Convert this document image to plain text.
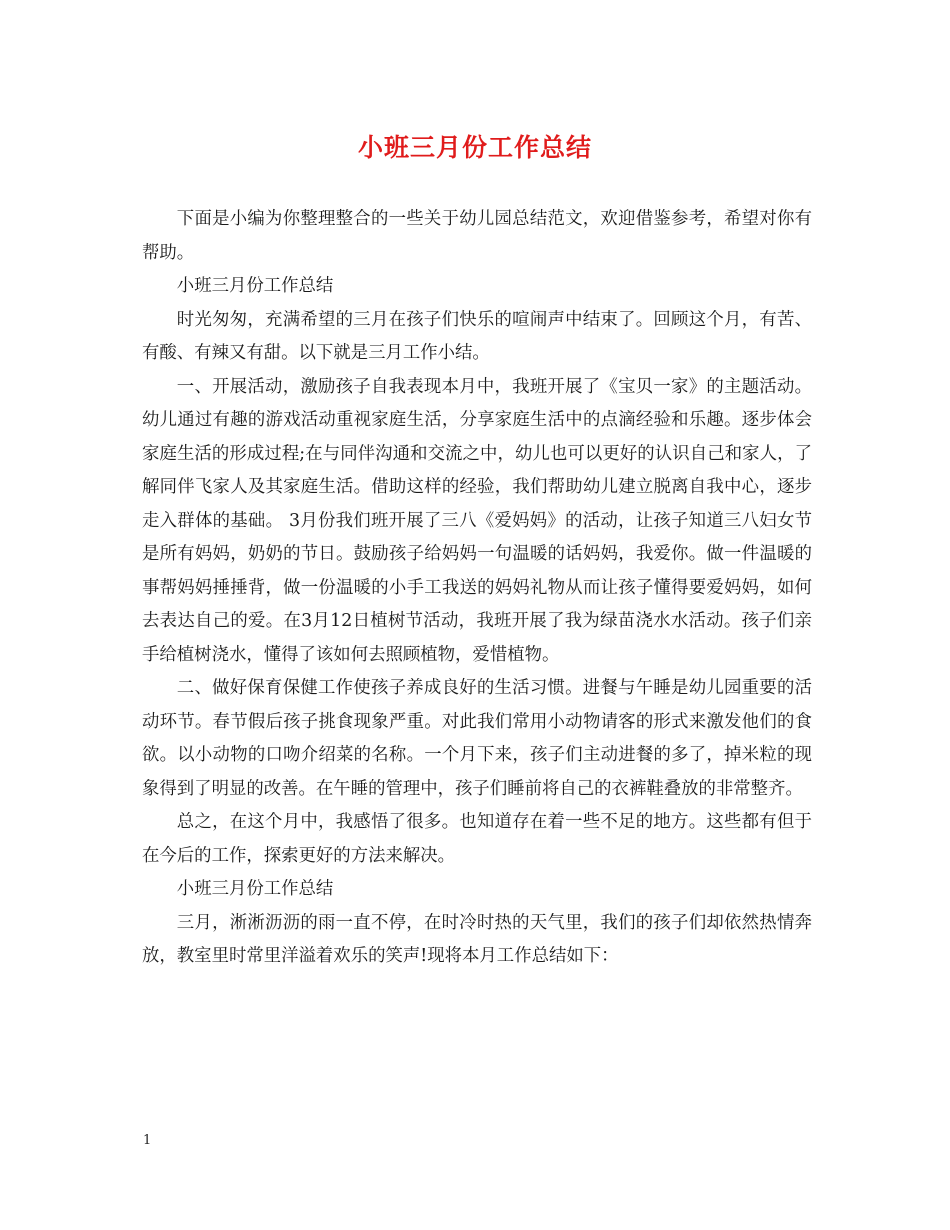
小班三月份工作总结

下面是小编为你整理整合的一些关于幼儿园总结范文，欢迎借鉴参考，希望对你有帮助。

小班三月份工作总结

时光匆匆，充满希望的三月在孩子们快乐的喧闹声中结束了。回顾这个月，有苦、有酸、有辣又有甜。以下就是三月工作小结。

一、开展活动，激励孩子自我表现本月中，我班开展了《宝贝一家》的主题活动。幼儿通过有趣的游戏活动重视家庭生活，分享家庭生活中的点滴经验和乐趣。逐步体会家庭生活的形成过程;在与同伴沟通和交流之中，幼儿也可以更好的认识自己和家人，了解同伴飞家人及其家庭生活。借助这样的经验，我们帮助幼儿建立脱离自我中心，逐步走入群体的基础。 3月份我们班开展了三八《爱妈妈》的活动，让孩子知道三八妇女节是所有妈妈，奶奶的节日。鼓励孩子给妈妈一句温暖的话妈妈，我爱你。做一件温暖的事帮妈妈捶捶背，做一份温暖的小手工我送的妈妈礼物从而让孩子懂得要爱妈妈，如何去表达自己的爱。在3月12日植树节活动，我班开展了我为绿苗浇水水活动。孩子们亲手给植树浇水，懂得了该如何去照顾植物，爱惜植物。

二、做好保育保健工作使孩子养成良好的生活习惯。进餐与午睡是幼儿园重要的活动环节。春节假后孩子挑食现象严重。对此我们常用小动物请客的形式来激发他们的食欲。以小动物的口吻介绍菜的名称。一个月下来，孩子们主动进餐的多了，掉米粒的现象得到了明显的改善。在午睡的管理中，孩子们睡前将自己的衣裤鞋叠放的非常整齐。

总之，在这个月中，我感悟了很多。也知道存在着一些不足的地方。这些都有但于在今后的工作，探索更好的方法来解决。

小班三月份工作总结

三月，淅淅沥沥的雨一直不停，在时冷时热的天气里，我们的孩子们却依然热情奔放，教室里时常里洋溢着欢乐的笑声!现将本月工作总结如下：

1
